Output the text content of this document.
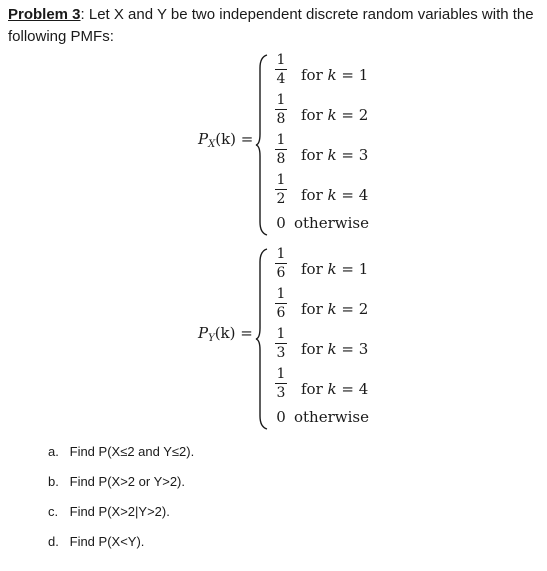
Problem 3: Let X and Y be two independent discrete random variables with the following PMFs:
$P_X(k)$ =
1
4 for k = 1
1
8 for k = 2
1
8 for k = 3
1
2 for k = 4
0 otherwise
$P_Y(k)$ =
1
6 for k = 1
1
6 for k = 2
1
3 for k = 3
1
3 for k = 4
0 otherwise
a. Find P(X≤2 and Y≤2).
b. Find P(X>2 or Y>2).
c. Find P(X>2|Y>2).
d. Find P(X<Y).
